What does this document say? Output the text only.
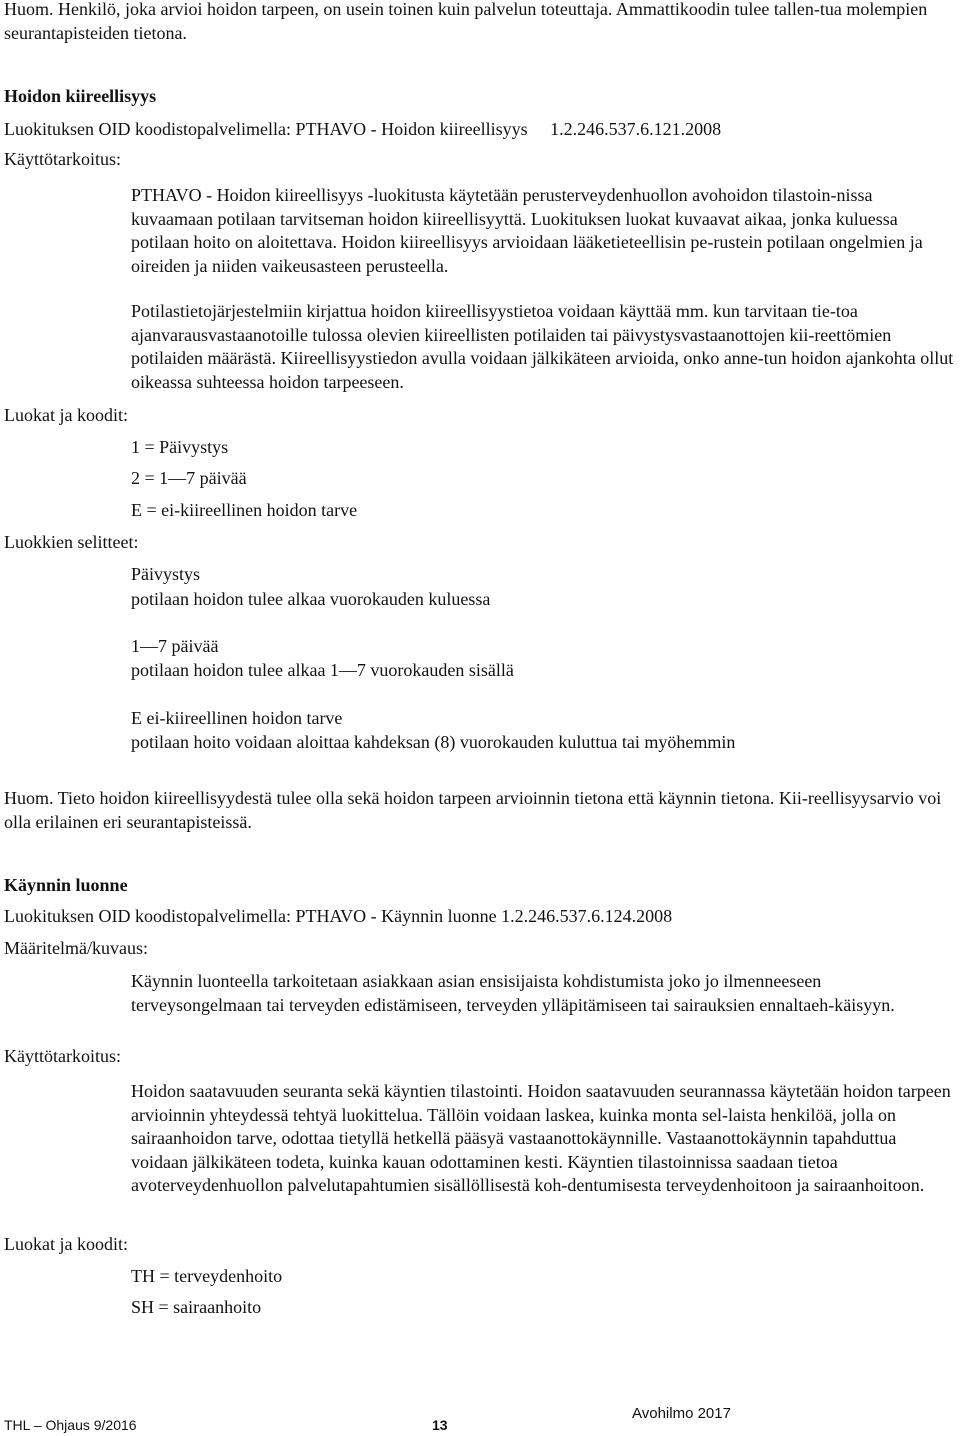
Huom. Henkilö, joka arvioi hoidon tarpeen, on usein toinen kuin palvelun toteuttaja. Ammattikoodin tulee tallen-tua molempien seurantapisteiden tietona.

Hoidon kiireellisyys
Luokituksen OID koodistopalvelimella: PTHAVO - Hoidon kiireellisyys     1.2.246.537.6.121.2008
Käyttötarkoitus:

PTHAVO - Hoidon kiireellisyys -luokitusta käytetään perusterveydenhuollon avohoidon tilastoin-nissa kuvaamaan potilaan tarvitseman hoidon kiireellisyyttä. Luokituksen luokat kuvaavat aikaa, jonka kuluessa potilaan hoito on aloitettava. Hoidon kiireellisyys arvioidaan lääketieteellisin pe-rustein potilaan ongelmien ja oireiden ja niiden vaikeusasteen perusteella.

Potilastietojärjestelmiin kirjattua hoidon kiireellisyystietoa voidaan käyttää mm. kun tarvitaan tie-toa ajanvarausvastaanotoille tulossa olevien kiireellisten potilaiden tai päivystysvastaanottojen kii-reettömien potilaiden määrästä. Kiireellisyystiedon avulla voidaan jälkikäteen arvioida, onko anne-tun hoidon ajankohta ollut oikeassa suhteessa hoidon tarpeeseen.

Luokat ja koodit:
1 = Päivystys
2 = 1—7 päivää
E = ei-kiireellinen hoidon tarve
Luokkien selitteet:
Päivystys
potilaan hoidon tulee alkaa vuorokauden kuluessa
1—7 päivää
potilaan hoidon tulee alkaa 1—7 vuorokauden sisällä
E ei-kiireellinen hoidon tarve
potilaan hoito voidaan aloittaa kahdeksan (8) vuorokauden kuluttua tai myöhemmin

Huom. Tieto hoidon kiireellisyydestä tulee olla sekä hoidon tarpeen arvioinnin tietona että käynnin tietona. Kii-reellisyysarvio voi olla erilainen eri seurantapisteissä.

Käynnin luonne
Luokituksen OID koodistopalvelimella: PTHAVO - Käynnin luonne 1.2.246.537.6.124.2008
Määritelmä/kuvaus:

Käynnin luonteella tarkoitetaan asiakkaan asian ensisijaista kohdistumista joko jo ilmenneeseen terveysongelmaan tai terveyden edistämiseen, terveyden ylläpitämiseen tai sairauksien ennaltaeh-käisyyn.

Käyttötarkoitus:

Hoidon saatavuuden seuranta sekä käyntien tilastointi. Hoidon saatavuuden seurannassa käytetään hoidon tarpeen arvioinnin yhteydessä tehtyä luokittelua. Tällöin voidaan laskea, kuinka monta sel-laista henkilöä, jolla on sairaanhoidon tarve, odottaa tietyllä hetkellä pääsyä vastaanottokäynnille. Vastaanottokäynnin tapahduttua voidaan jälkikäteen todeta, kuinka kauan odottaminen kesti. Käyntien tilastoinnissa saadaan tietoa avoterveydenhuollon palvelutapahtumien sisällöllisestä koh-dentumisesta terveydenhoitoon ja sairaanhoitoon.

Luokat ja koodit:
TH = terveydenhoito
SH = sairaanhoito
THL – Ohjaus 9/2016	13
Avohilmo 2017
